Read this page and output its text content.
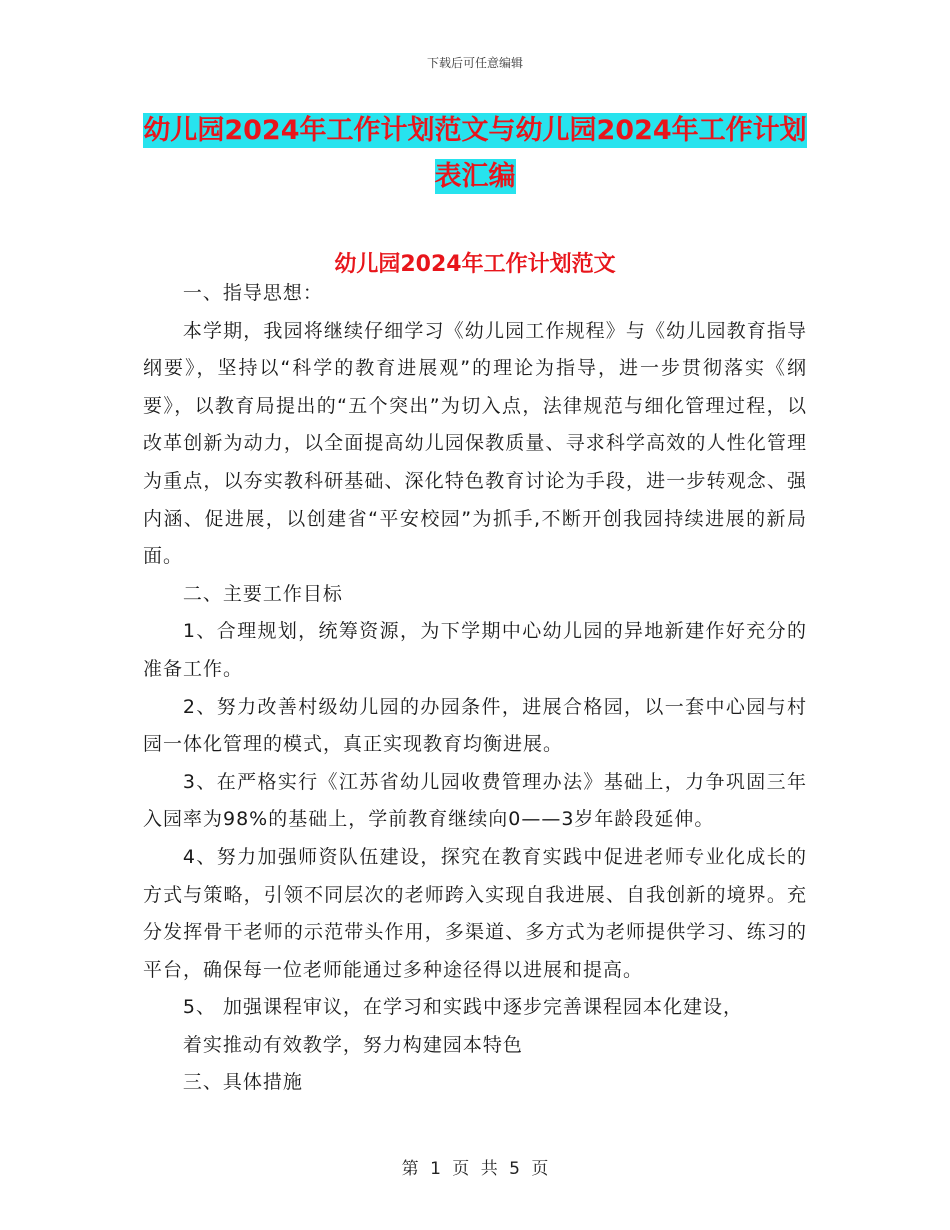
下载后可任意编辑
幼儿园2024年工作计划范文与幼儿园2024年工作计划表汇编
幼儿园2024年工作计划范文

一、指导思想：

本学期，我园将继续仔细学习《幼儿园工作规程》与《幼儿园教育指导纲要》，坚持以“科学的教育进展观”的理论为指导，进一步贯彻落实《纲要》，以教育局提出的“五个突出”为切入点，法律规范与细化管理过程，以改革创新为动力，以全面提高幼儿园保教质量、寻求科学高效的人性化管理为重点，以夯实教科研基础、深化特色教育讨论为手段，进一步转观念、强内涵、促进展，以创建省“平安校园”为抓手,不断开创我园持续进展的新局面。

二、主要工作目标

1、合理规划，统筹资源，为下学期中心幼儿园的异地新建作好充分的准备工作。

2、努力改善村级幼儿园的办园条件，进展合格园，以一套中心园与村园一体化管理的模式，真正实现教育均衡进展。

3、在严格实行《江苏省幼儿园收费管理办法》基础上，力争巩固三年入园率为98%的基础上，学前教育继续向0——3岁年龄段延伸。

4、努力加强师资队伍建设，探究在教育实践中促进老师专业化成长的方式与策略，引领不同层次的老师跨入实现自我进展、自我创新的境界。充分发挥骨干老师的示范带头作用，多渠道、多方式为老师提供学习、练习的平台，确保每一位老师能通过多种途径得以进展和提高。

5、 加强课程审议，在学习和实践中逐步完善课程园本化建设，

着实推动有效教学，努力构建园本特色

三、具体措施

第 1 页 共 5 页
